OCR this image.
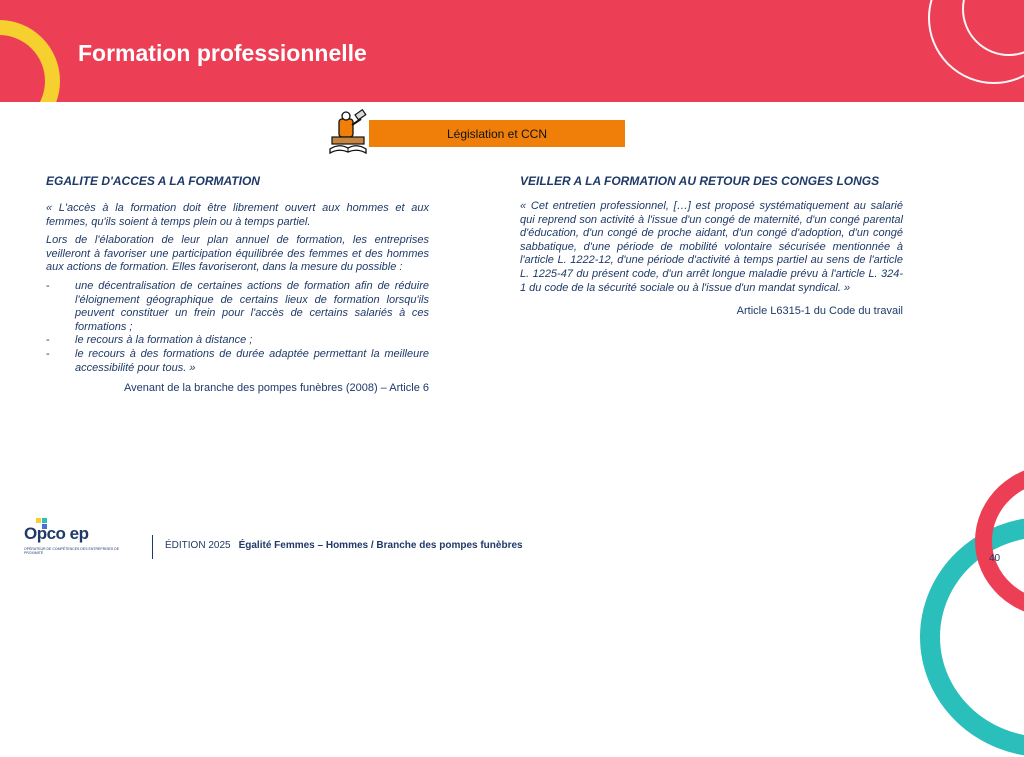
Formation professionnelle
Législation et CCN
EGALITE D'ACCES A LA FORMATION

« L'accès à la formation doit être librement ouvert aux hommes et aux femmes, qu'ils soient à temps plein ou à temps partiel.

Lors de l'élaboration de leur plan annuel de formation, les entreprises veilleront à favoriser une participation équilibrée des femmes et des hommes aux actions de formation. Elles favoriseront, dans la mesure du possible :

- une décentralisation de certaines actions de formation afin de réduire l'éloignement géographique de certains lieux de formation lorsqu'ils peuvent constituer un frein pour l'accès de certains salariés à ces formations ;
- le recours à la formation à distance ;
- le recours à des formations de durée adaptée permettant la meilleure accessibilité pour tous. »

Avenant de la branche des pompes funèbres (2008) – Article 6

VEILLER A LA FORMATION AU RETOUR DES CONGES LONGS

« Cet entretien professionnel, […] est proposé systématiquement au salarié qui reprend son activité à l'issue d'un congé de maternité, d'un congé parental d'éducation, d'un congé de proche aidant, d'un congé d'adoption, d'un congé sabbatique, d'une période de mobilité volontaire sécurisée mentionnée à l'article L. 1222-12, d'une période d'activité à temps partiel au sens de l'article L. 1225-47 du présent code, d'un arrêt longue maladie prévu à l'article L. 324-1 du code de la sécurité sociale ou à l'issue d'un mandat syndical. »

Article L6315-1 du Code du travail

Opco ep
OPÉRATEUR DE COMPÉTENCES DES ENTREPRISES DE PROXIMITÉ
ÉDITION 2025 Égalité Femmes – Hommes / Branche des pompes funèbres
40
